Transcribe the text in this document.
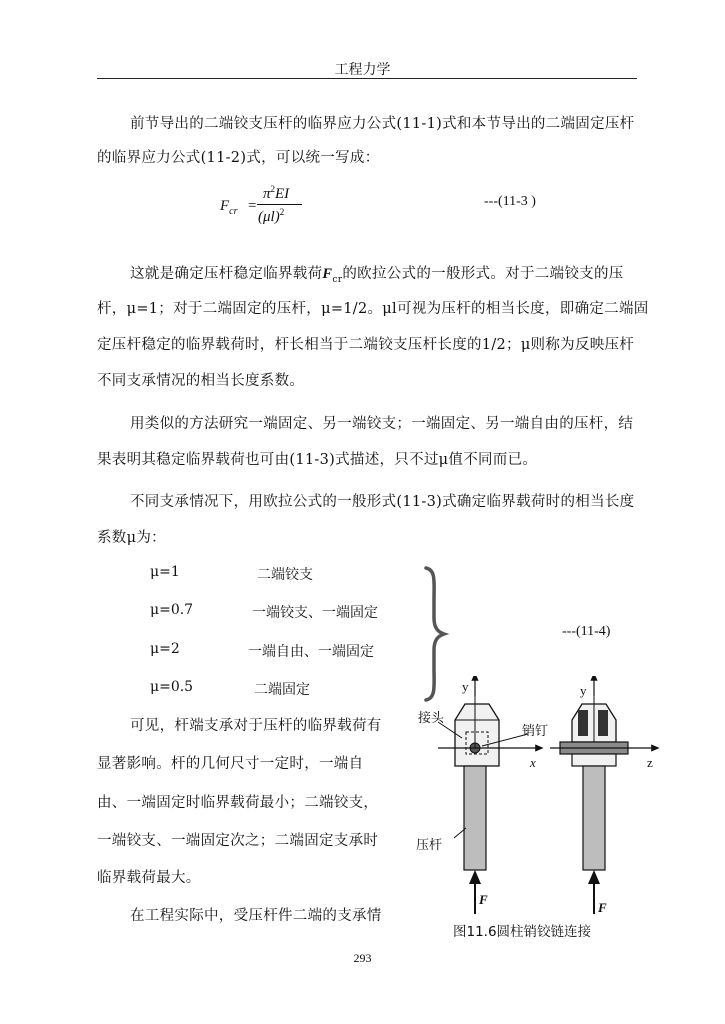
工程力学
前节导出的二端铰支压杆的临界应力公式(11-1)式和本节导出的二端固定压杆
的临界应力公式(11-2)式，可以统一写成：
$F_{cr}$ =
$\pi^2EI$
$(\mu l)^2$
---(11-3 )
这就是确定压杆稳定临界载荷$F_{cr}$的欧拉公式的一般形式。对于二端铰支的压
杆，μ=1；对于二端固定的压杆，μ=1/2。μl可视为压杆的相当长度，即确定二端固
定压杆稳定的临界载荷时，杆长相当于二端铰支压杆长度的1/2；μ则称为反映压杆
不同支承情况的相当长度系数。
用类似的方法研究一端固定、另一端铰支；一端固定、另一端自由的压杆，结
果表明其稳定临界载荷也可由(11-3)式描述，只不过μ值不同而已。
不同支承情况下，用欧拉公式的一般形式(11-3)式确定临界载荷时的相当长度
系数μ为：
μ=1	二端铰支
μ=0.7	一端铰支、一端固定
μ=2	一端自由、一端固定
μ=0.5	二端固定
---(11-4)
可见，杆端支承对于压杆的临界载荷有
显著影响。杆的几何尺寸一定时，一端自
由、一端固定时临界载荷最小；二端铰支，
一端铰支、一端固定次之；二端固定支承时
临界载荷最大。
在工程实际中，受压杆件二端的支承情
y	y
x	z
接头
销钉
压杆
F
F
图11.6圆柱销铰链连接
293
